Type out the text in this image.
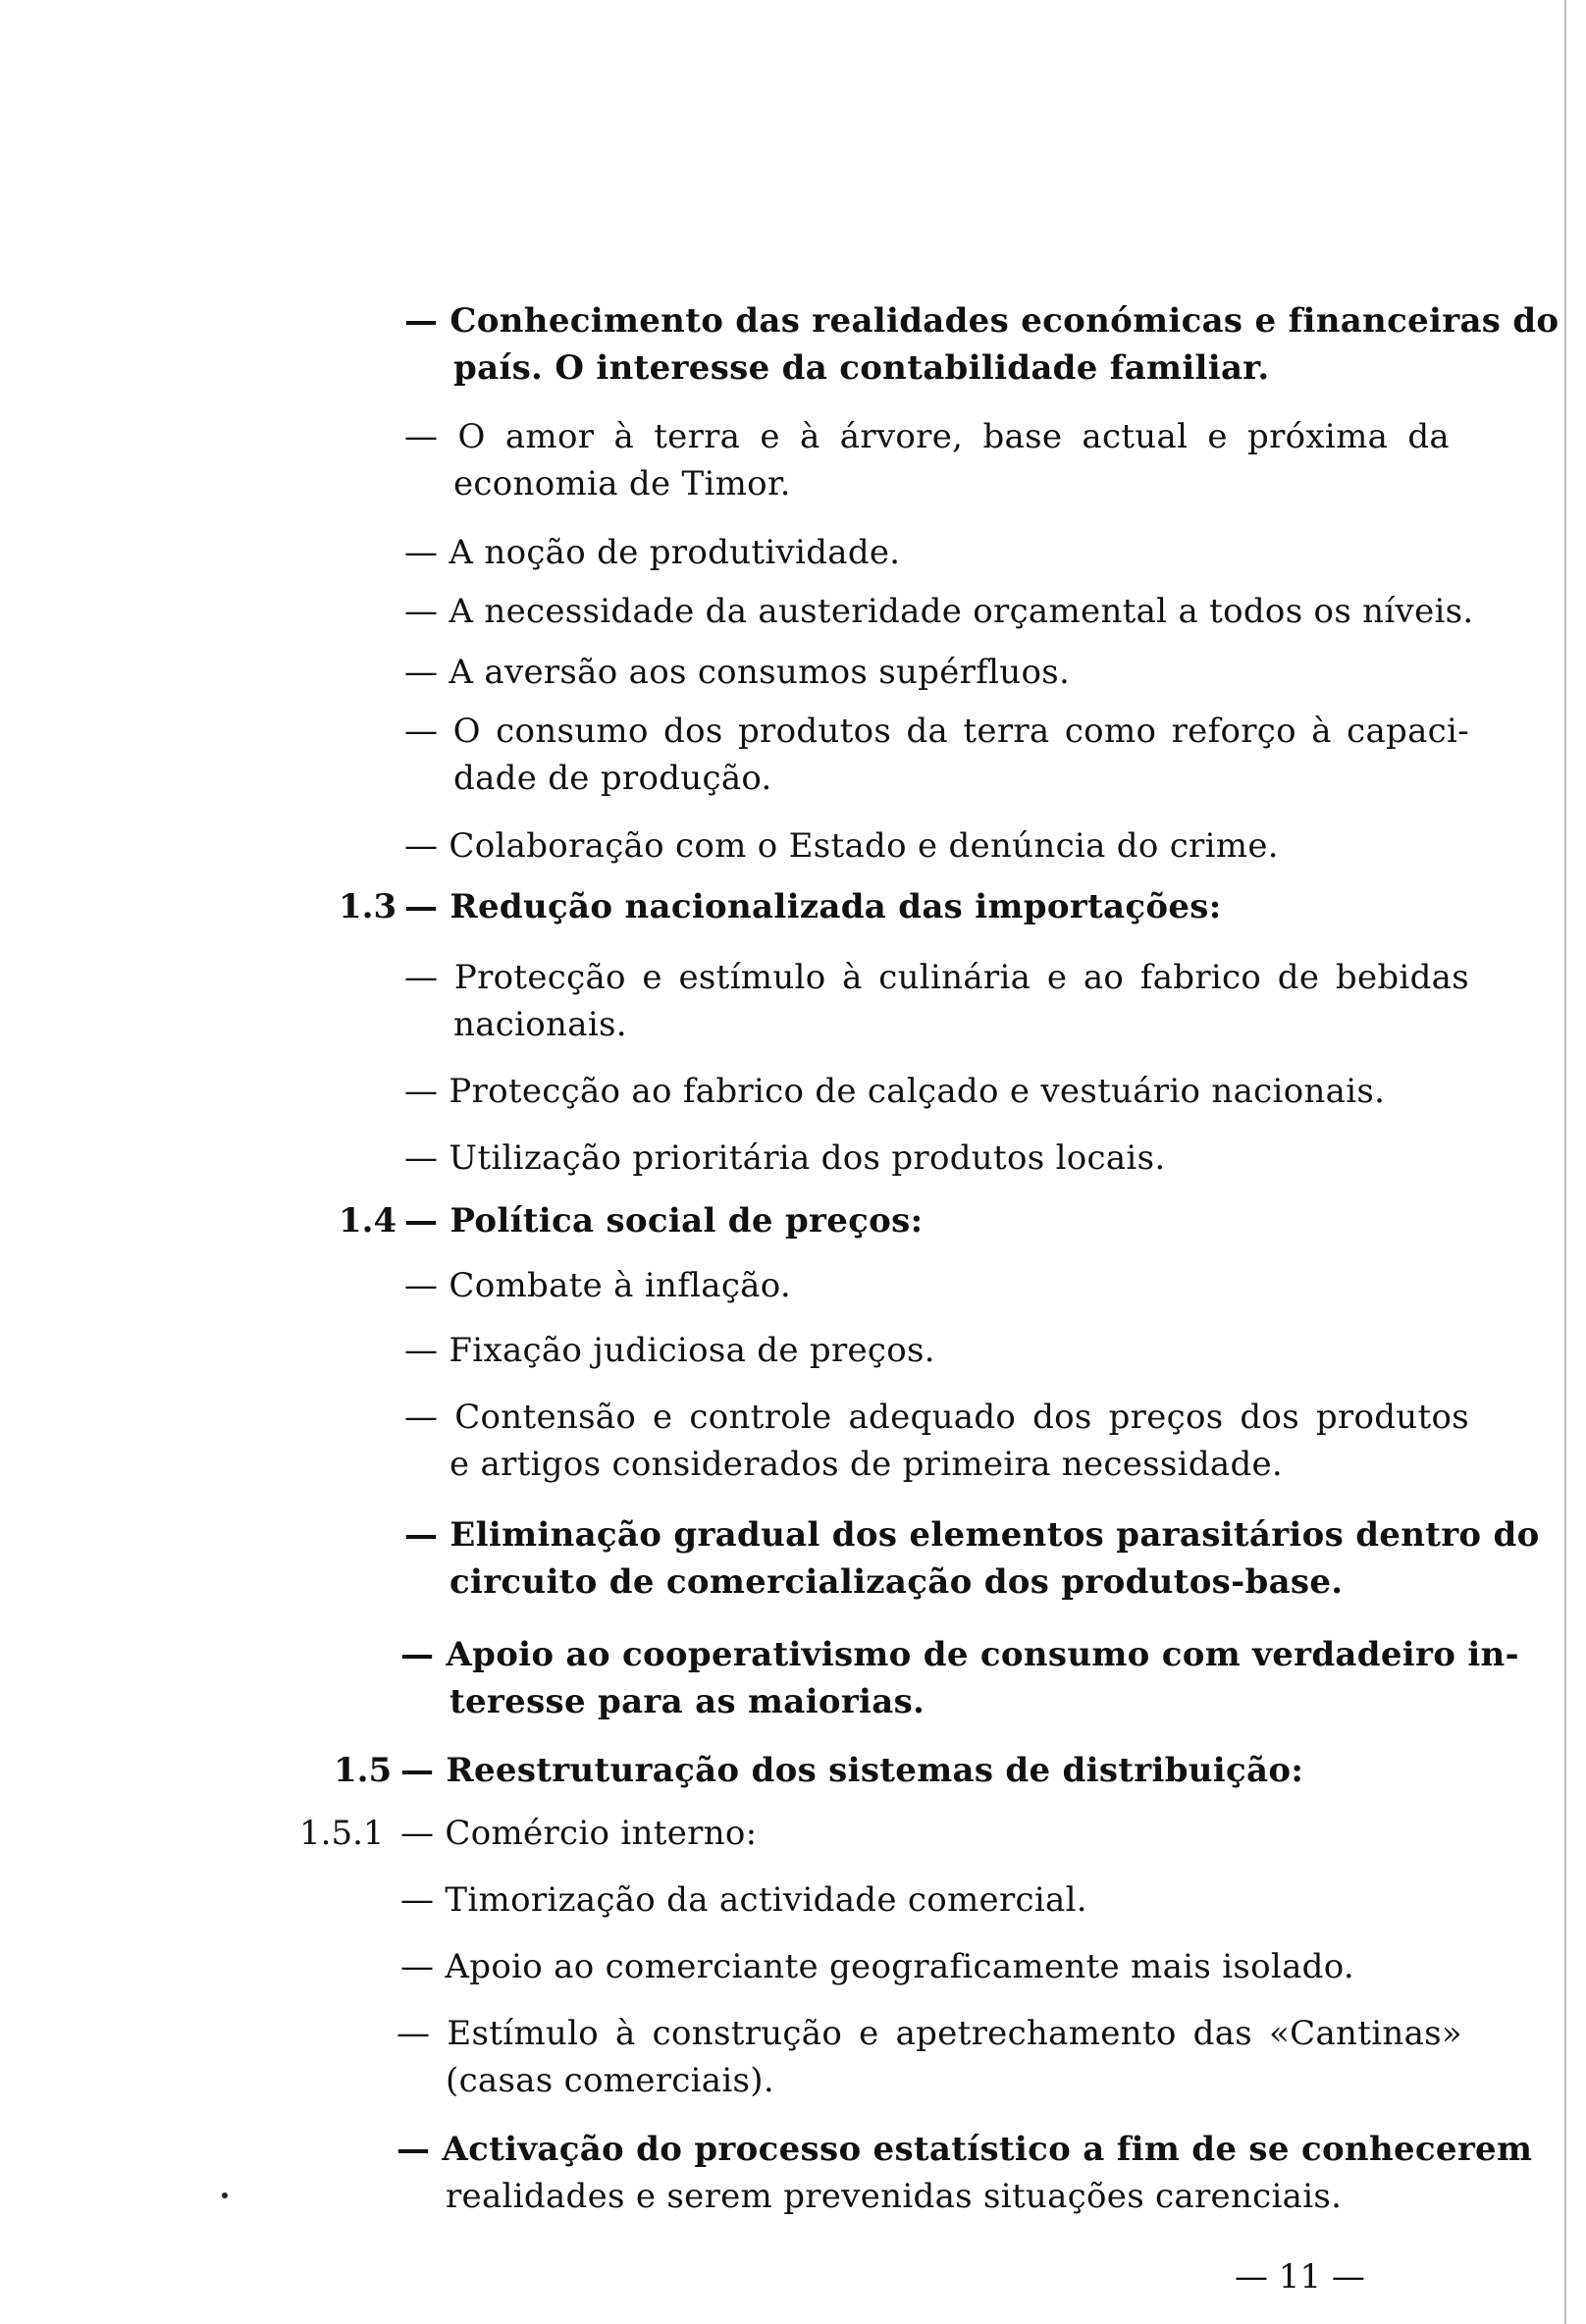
— Conhecimento das realidades económicas e financeiras do
país. O interesse da contabilidade familiar.
— O amor à terra e à árvore, base actual e próxima da
economia de Timor.
— A noção de produtividade.
— A necessidade da austeridade orçamental a todos os níveis.
— A aversão aos consumos supérfluos.
— O consumo dos produtos da terra como reforço à capaci-
dade de produção.
— Colaboração com o Estado e denúncia do crime.
1.3 — Redução nacionalizada das importações:
— Protecção e estímulo à culinária e ao fabrico de bebidas
nacionais.
— Protecção ao fabrico de calçado e vestuário nacionais.
— Utilização prioritária dos produtos locais.
1.4 — Política social de preços:
— Combate à inflação.
— Fixação judiciosa de preços.
— Contensão e controle adequado dos preços dos produtos
e artigos considerados de primeira necessidade.
— Eliminação gradual dos elementos parasitários dentro do
circuito de comercialização dos produtos-base.
— Apoio ao cooperativismo de consumo com verdadeiro in-
teresse para as maiorias.
1.5 — Reestruturação dos sistemas de distribuição:
1.5.1 — Comércio interno:
— Timorização da actividade comercial.
— Apoio ao comerciante geograficamente mais isolado.
— Estímulo à construção e apetrechamento das «Cantinas»
(casas comerciais).
— Activação do processo estatístico a fim de se conhecerem
realidades e serem prevenidas situações carenciais.
— 11 —
